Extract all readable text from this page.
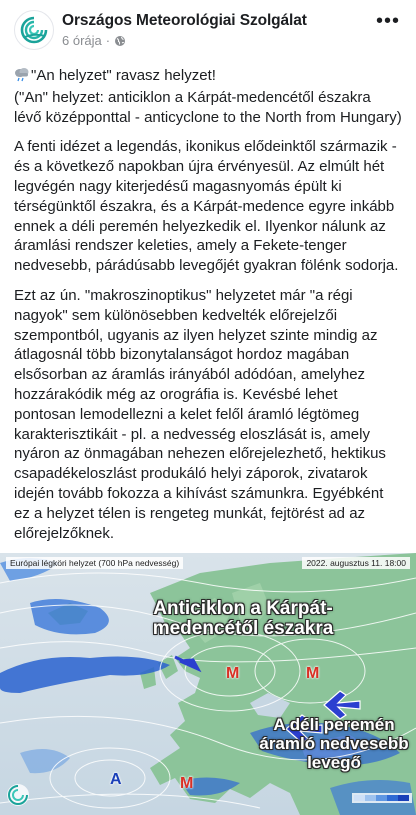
Országos Meteorológiai Szolgálat
6 órája ·
•••
"An helyzet" ravasz helyzet!
("An" helyzet: anticiklon a Kárpát-medencétől északra lévő középponttal - anticyclone to the North from Hungary)

A fenti idézet a legendás, ikonikus elődeinktől származik - és a következő napokban újra érvényesül. Az elmúlt hét legvégén nagy kiterjedésű magasnyomás épült ki térségünktől északra, és a Kárpát-medence egyre inkább ennek a déli peremén helyezkedik el. Ilyenkor nálunk az áramlási rendszer keleties, amely a Fekete-tenger nedvesebb, párádúsabb levegőjét gyakran fölénk sodorja.

Ezt az ún. "makroszinoptikus" helyzetet már "a régi nagyok" sem különösebben kedvelték előrejelzői szempontból, ugyanis az ilyen helyzet szinte mindig az átlagosnál több bizonytalanságot hordoz magában elsősorban az áramlás irányából adódóan, amelyhez hozzárakódik még az orográfia is. Kevésbé lehet pontosan lemodellezni a kelet felől áramló légtömeg karakterisztikáit - pl. a nedvesség eloszlását is, amely nyáron az önmagában nehezen előrejelezhető, hektikus csapadékeloszlást produkáló helyi záporok, zivatarok idején tovább fokozza a kihívást számunkra. Egyébként ez a helyzet télen is rengeteg munkát, fejtörést ad az előrejelzőknek.

Európai légköri helyzet (700 hPa nedvesség)	2022. augusztus 11. 18:00
Anticiklon a Kárpát-medencétől északra
A déli peremén áramló nedvesebb levegő
M	M
M
A
